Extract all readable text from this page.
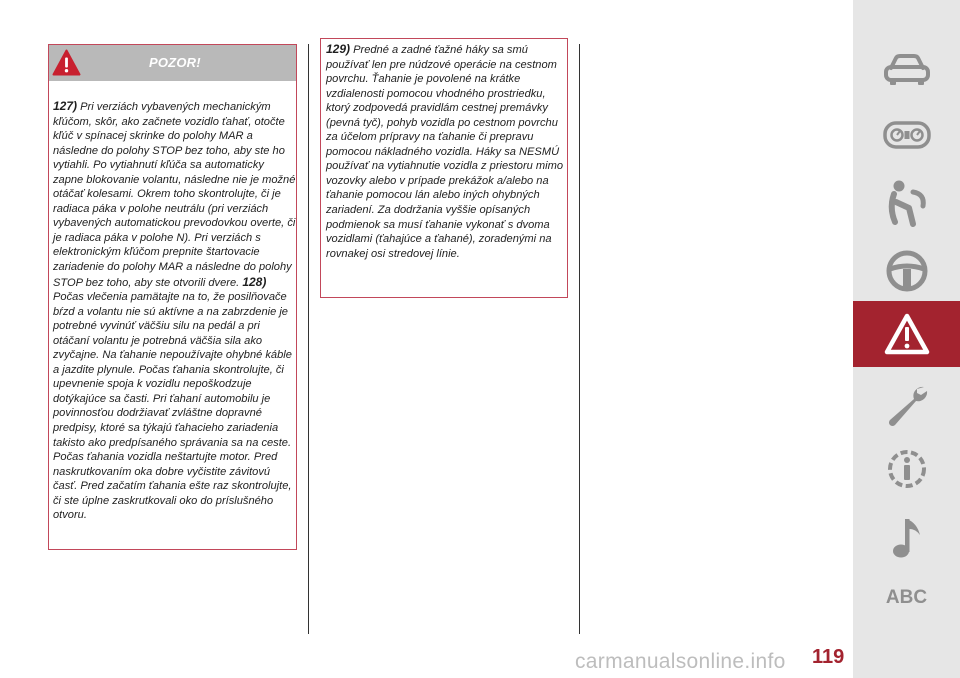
POZOR!
127) Pri verziách vybavených mechanickým kľúčom, skôr, ako začnete vozidlo ťahať, otočte kľúč v spínacej skrinke do polohy MAR a následne do polohy STOP bez toho, aby ste ho vytiahli. Po vytiahnutí kľúča sa automaticky zapne blokovanie volantu, následne nie je možné otáčať kolesami. Okrem toho skontrolujte, či je radiaca páka v polohe neutrálu (pri verziách vybavených automatickou prevodovkou overte, či je radiaca páka v polohe N). Pri verziách s elektronickým kľúčom prepnite štartovacie zariadenie do polohy MAR a následne do polohy STOP bez toho, aby ste otvorili dvere. 128) Počas vlečenia pamätajte na to, že posilňovače bŕzd a volantu nie sú aktívne a na zabrzdenie je potrebné vyvinúť väčšiu silu na pedál a pri otáčaní volantu je potrebná väčšia sila ako zvyčajne. Na ťahanie nepoužívajte ohybné káble a jazdite plynule. Počas ťahania skontrolujte, či upevnenie spoja k vozidlu nepoškodzuje dotýkajúce sa časti. Pri ťahaní automobilu je povinnosťou dodržiavať zvláštne dopravné predpisy, ktoré sa týkajú ťahacieho zariadenia takisto ako predpísaného správania sa na ceste. Počas ťahania vozidla neštartujte motor. Pred naskrutkovaním oka dobre vyčistite závitovú časť. Pred začatím ťahania ešte raz skontrolujte, či ste úplne zaskrutkovali oko do príslušného otvoru.
129) Predné a zadné ťažné háky sa smú používať len pre núdzové operácie na cestnom povrchu. Ťahanie je povolené na krátke vzdialenosti pomocou vhodného prostriedku, ktorý zodpovedá pravidlám cestnej premávky (pevná tyč), pohyb vozidla po cestnom povrchu za účelom prípravy na ťahanie či prepravu pomocou nákladného vozidla. Háky sa NESMÚ používať na vytiahnutie vozidla z priestoru mimo vozovky alebo v prípade prekážok a/alebo na ťahanie pomocou lán alebo iných ohybných zariadení. Za dodržania vyššie opísaných podmienok sa musí ťahanie vykonať s dvoma vozidlami (ťahajúce a ťahané), zoradenými na rovnakej osi stredovej línie.
ABC
119
carmanualsonline.info
